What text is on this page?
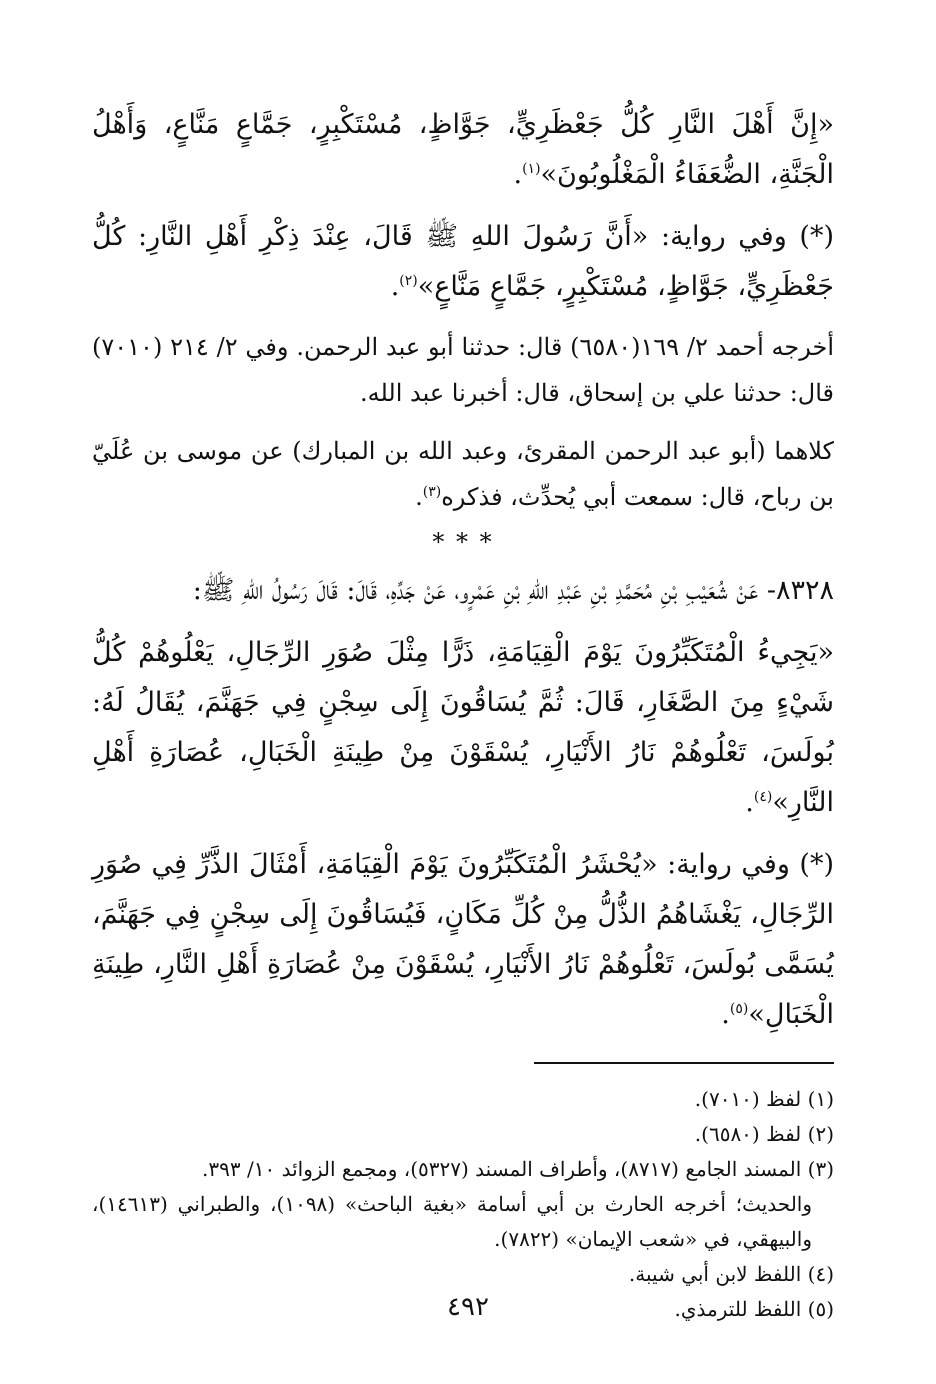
«إِنَّ أَهْلَ النَّارِ كُلُّ جَعْظَرِيٍّ، جَوَّاظٍ، مُسْتَكْبِرٍ، جَمَّاعٍ مَنَّاعٍ، وَأَهْلُ الْجَنَّةِ، الضُّعَفَاءُ الْمَغْلُوبُونَ»$^{(١)}$.

(*) وفي رواية: «أَنَّ رَسُولَ اللهِ ﷺ قَالَ، عِنْدَ ذِكْرِ أَهْلِ النَّارِ: كُلُّ جَعْظَرِيٍّ، جَوَّاظٍ، مُسْتَكْبِرٍ، جَمَّاعٍ مَنَّاعٍ»$^{(٢)}$.

أخرجه أحمد ٢/ ١٦٩(٦٥٨٠) قال: حدثنا أبو عبد الرحمن. وفي ٢/ ٢١٤ (٧٠١٠) قال: حدثنا علي بن إسحاق، قال: أخبرنا عبد الله.

كلاهما (أبو عبد الرحمن المقرئ، وعبد الله بن المبارك) عن موسى بن عُلَيّ بن رباح، قال: سمعت أبي يُحدِّث، فذكره$^{(٣)}$.

* * *

٨٣٢٨- عَنْ شُعَيْبِ بْنِ مُحَمَّدِ بْنِ عَبْدِ اللهِ بْنِ عَمْرٍو، عَنْ جَدِّهِ، قَالَ: قَالَ رَسُولُ اللهِ ﷺ:

«يَجِيءُ الْمُتَكَبِّرُونَ يَوْمَ الْقِيَامَةِ، ذَرًّا مِثْلَ صُوَرِ الرِّجَالِ، يَعْلُوهُمْ كُلُّ شَيْءٍ مِنَ الصَّغَارِ، قَالَ: ثُمَّ يُسَاقُونَ إِلَى سِجْنٍ فِي جَهَنَّمَ، يُقَالُ لَهُ: بُولَسَ، تَعْلُوهُمْ نَارُ الأَنْيَارِ، يُسْقَوْنَ مِنْ طِينَةِ الْخَبَالِ، عُصَارَةِ أَهْلِ النَّارِ»$^{(٤)}$.

(*) وفي رواية: «يُحْشَرُ الْمُتَكَبِّرُونَ يَوْمَ الْقِيَامَةِ، أَمْثَالَ الذَّرِّ فِي صُوَرِ الرِّجَالِ، يَغْشَاهُمُ الذُّلُّ مِنْ كُلِّ مَكَانٍ، فَيُسَاقُونَ إِلَى سِجْنٍ فِي جَهَنَّمَ، يُسَمَّى بُولَسَ، تَعْلُوهُمْ نَارُ الأَنْيَارِ، يُسْقَوْنَ مِنْ عُصَارَةِ أَهْلِ النَّارِ، طِينَةِ الْخَبَالِ»$^{(٥)}$.

(١) لفظ (٧٠١٠).

(٢) لفظ (٦٥٨٠).

(٣) المسند الجامع (٨٧١٧)، وأطراف المسند (٥٣٢٧)، ومجمع الزوائد ١٠/ ٣٩٣.

والحديث؛ أخرجه الحارث بن أبي أسامة «بغية الباحث» (١٠٩٨)، والطبراني (١٤٦١٣)، والبيهقي، في «شعب الإيمان» (٧٨٢٢).

(٤) اللفظ لابن أبي شيبة.

(٥) اللفظ للترمذي.

٤٩٢
